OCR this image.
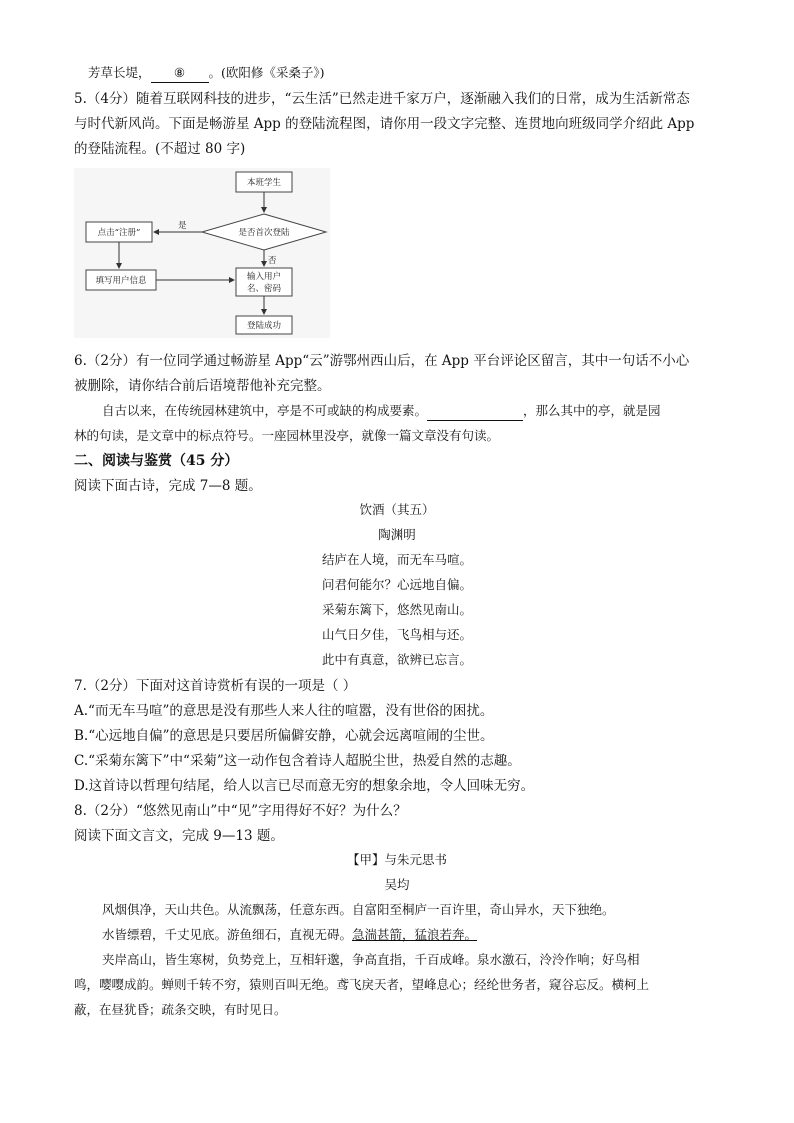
芳草长堤， ⑧ 。(欧阳修《采桑子》)
5.（4分）随着互联网科技的进步，“云生活”已然走进千家万户，逐渐融入我们的日常，成为生活新常态
与时代新风尚。下面是畅游星 App 的登陆流程图，请你用一段文字完整、连贯地向班级同学介绍此 App
的登陆流程。(不超过 80 字)
本班学生
是否首次登陆
是
点击“注册”
填写用户信息
否
输入用户
名、密码
登陆成功
6.（2分）有一位同学通过畅游星 App“云”游鄂州西山后，在 App 平台评论区留言，其中一句话不小心
被删除，请你结合前后语境帮他补充完整。
自古以来，在传统园林建筑中，亭是不可或缺的构成要素。	，那么其中的亭，就是园
林的句读，是文章中的标点符号。一座园林里没亭，就像一篇文章没有句读。
二、阅读与鉴赏（45 分）
阅读下面古诗，完成 7—8 题。
饮酒（其五）
陶渊明
结庐在人境，而无车马喧。
问君何能尔？心远地自偏。
采菊东篱下，悠然见南山。
山气日夕佳，飞鸟相与还。
此中有真意，欲辨已忘言。
7.（2分）下面对这首诗赏析有误的一项是（ ）
A.“而无车马喧”的意思是没有那些人来人往的喧嚣，没有世俗的困扰。
B.“心远地自偏”的意思是只要居所偏僻安静，心就会远离喧闹的尘世。
C.“采菊东篱下”中“采菊”这一动作包含着诗人超脱尘世，热爱自然的志趣。
D.这首诗以哲理句结尾，给人以言已尽而意无穷的想象余地，令人回味无穷。
8.（2分）“悠然见南山”中“见”字用得好不好？为什么？
阅读下面文言文，完成 9—13 题。
【甲】与朱元思书
吴均
风烟俱净，天山共色。从流飘荡，任意东西。自富阳至桐庐一百许里，奇山异水，天下独绝。
水皆缥碧，千丈见底。游鱼细石，直视无碍。急湍甚箭，猛浪若奔。
夹岸高山，皆生寒树，负势竞上，互相轩邈，争高直指，千百成峰。泉水激石，泠泠作响；好鸟相
鸣，嘤嘤成韵。蝉则千转不穷，猿则百叫无绝。鸢飞戾天者，望峰息心；经纶世务者，窥谷忘反。横柯上
蔽，在昼犹昏；疏条交映，有时见日。
